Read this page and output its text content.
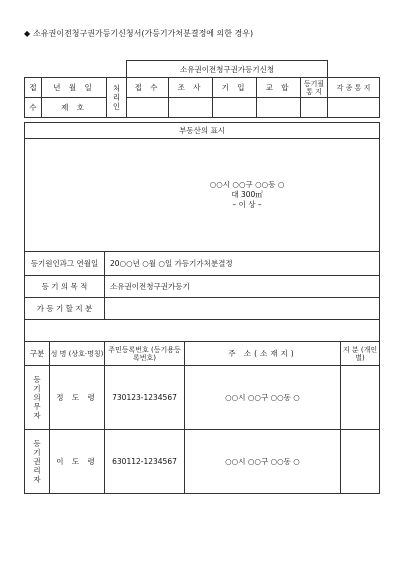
◆ 소유권이전청구권가등기신청서(가등기가처분결정에 의한 경우)
			소유권이전청구권가등기신청					
접	년 월 일	처리인	접 수	조 사	기 입	교 합	등기필 통 지	각 종 통 지
수	제 호							
부동산의 표시				

○○시 ○○구 ○○동 ○
대 300㎡
– 이 상 –				

등기원인과그 연월일		20○○년 ○월 ○일 가등기가처분결정		
등 기 의 목 적		소유권이전청구권가등기		
가 등 기 할 지 분				

구분	성 명 (상호·명칭)	주민등록번호 (등기용등록번호)	주 소(소재지)	지 분 (개인별)

등기의무자	정 도 령	730123-1234567	○○시 ○○구 ○○동 ○	

등기권리자	이 도 령	630112-1234567	○○시 ○○구 ○○동 ○	
